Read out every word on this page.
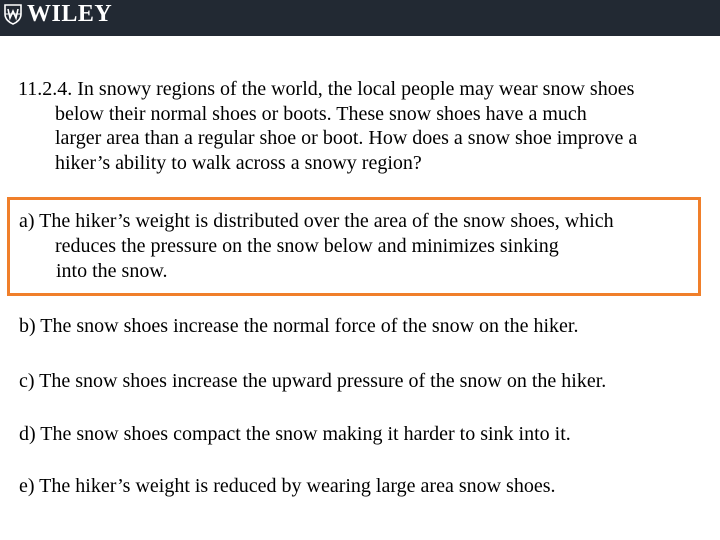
WILEY
11.2.4. In snowy regions of the world, the local people may wear snow shoes
below their normal shoes or boots. These snow shoes have a much
larger area than a regular shoe or boot. How does a snow shoe improve a
hiker’s ability to walk across a snowy region?
a) The hiker’s weight is distributed over the area of the snow shoes, which
reduces the pressure on the snow below and minimizes sinking
into the snow.
b) The snow shoes increase the normal force of the snow on the hiker.
c) The snow shoes increase the upward pressure of the snow on the hiker.
d) The snow shoes compact the snow making it harder to sink into it.
e) The hiker’s weight is reduced by wearing large area snow shoes.
